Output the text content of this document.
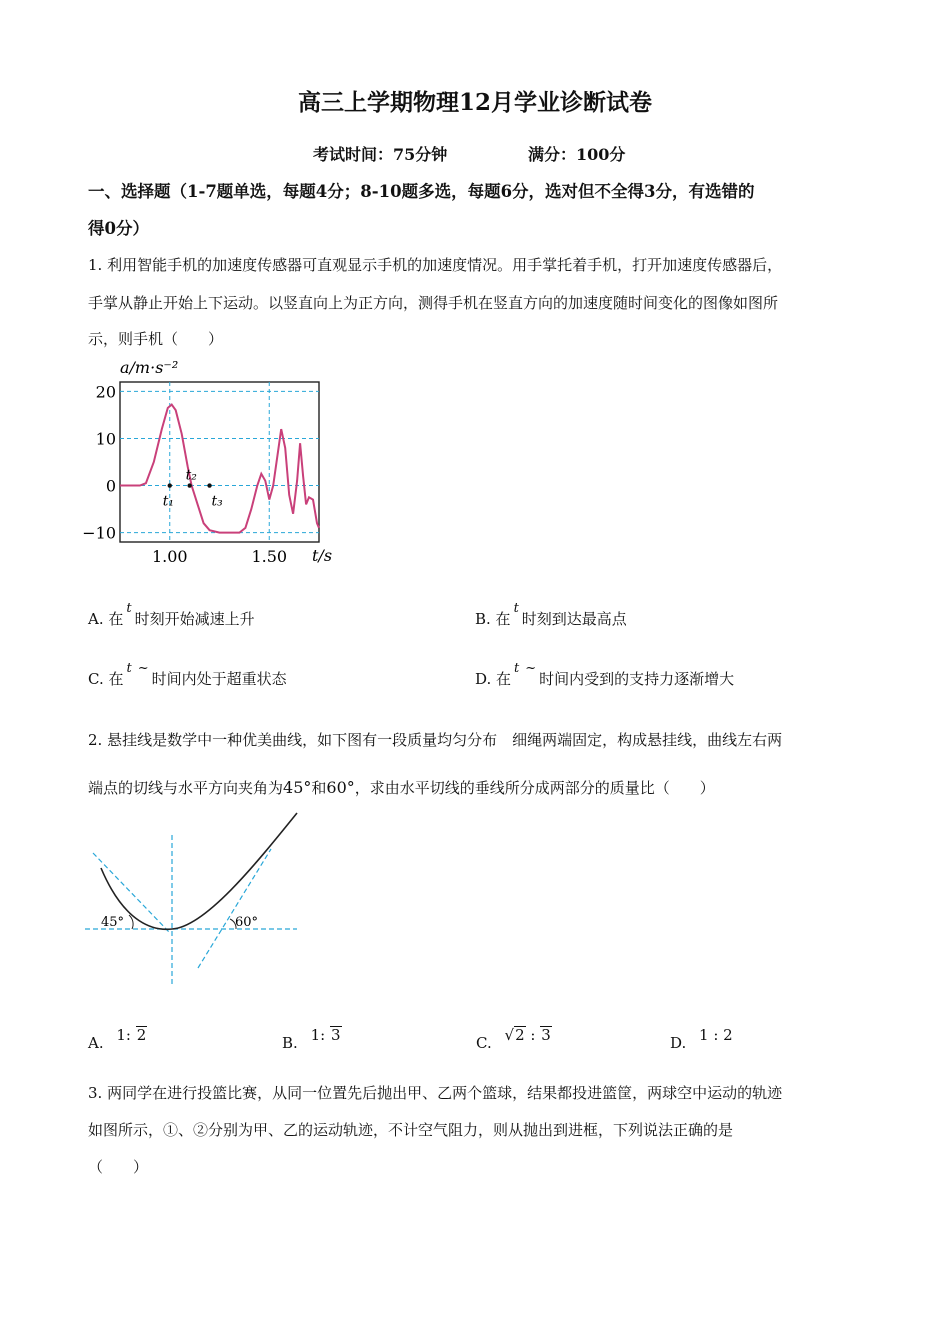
高三上学期物理12月学业诊断试卷
考试时间：75分钟	满分：100分
一、选择题（1-7题单选，每题4分；8-10题多选，每题6分，选对但不全得3分，有选错的
得0分）
1. 利用智能手机的加速度传感器可直观显示手机的加速度情况。用手掌托着手机，打开加速度传感器后，
手掌从静止开始上下运动。以竖直向上为正方向，测得手机在竖直方向的加速度随时间变化的图像如图所
示，则手机（　　）
a/m·s⁻²
20
10
0
−10
1.00	1.50
t₁
t₂
t₃
t/s
A. 在t时刻开始减速上升	B. 在t时刻到达最高点
C. 在t ~时间内处于超重状态	D. 在t ~时间内受到的支持力逐渐增大
2. 悬挂线是数学中一种优美曲线，如下图有一段质量均匀分布　细绳两端固定，构成悬挂线，曲线左右两
端点的切线与水平方向夹角为45°和60°，求由水平切线的垂线所分成两部分的质量比（　　）
45°	60°
A. 1: 2	B. 1: 3	C. √2 : 3	D. 1 : 2
3. 两同学在进行投篮比赛，从同一位置先后抛出甲、乙两个篮球，结果都投进篮筐，两球空中运动的轨迹
如图所示，①、②分别为甲、乙的运动轨迹，不计空气阻力，则从抛出到进框，下列说法正确的是
（　　）
